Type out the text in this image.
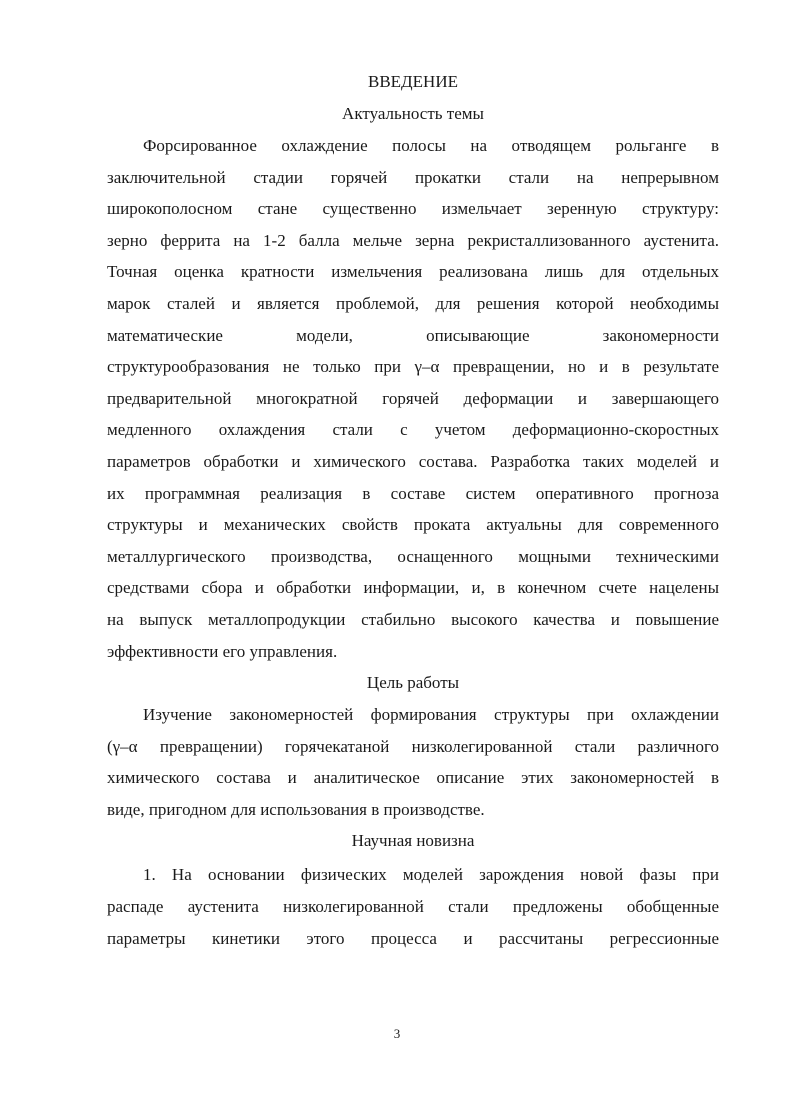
ВВЕДЕНИЕ
Актуальность темы
Форсированное охлаждение полосы на отводящем рольганге в
заключительной стадии горячей прокатки стали на непрерывном
широкополосном стане существенно измельчает зеренную структуру:
зерно феррита на 1-2 балла мельче зерна рекристаллизованного аустенита.
Точная оценка кратности измельчения реализована лишь для отдельных
марок сталей и является проблемой, для решения которой необходимы
математические модели, описывающие закономерности
структурообразования не только при γ–α превращении, но и в результате
предварительной многократной горячей деформации и завершающего
медленного охлаждения стали с учетом деформационно-скоростных
параметров обработки и химического состава. Разработка таких моделей и
их программная реализация в составе систем оперативного прогноза
структуры и механических свойств проката актуальны для современного
металлургического производства, оснащенного мощными техническими
средствами сбора и обработки информации, и, в конечном счете нацелены
на выпуск металлопродукции стабильно высокого качества и повышение
эффективности его управления.
Цель работы
Изучение закономерностей формирования структуры при охлаждении
(γ–α превращении) горячекатаной низколегированной стали различного
химического состава и аналитическое описание этих закономерностей в
виде, пригодном для использования в производстве.
Научная новизна
1. На основании физических моделей зарождения новой фазы при
распаде аустенита низколегированной стали предложены обобщенные
параметры кинетики этого процесса и рассчитаны регрессионные
3
